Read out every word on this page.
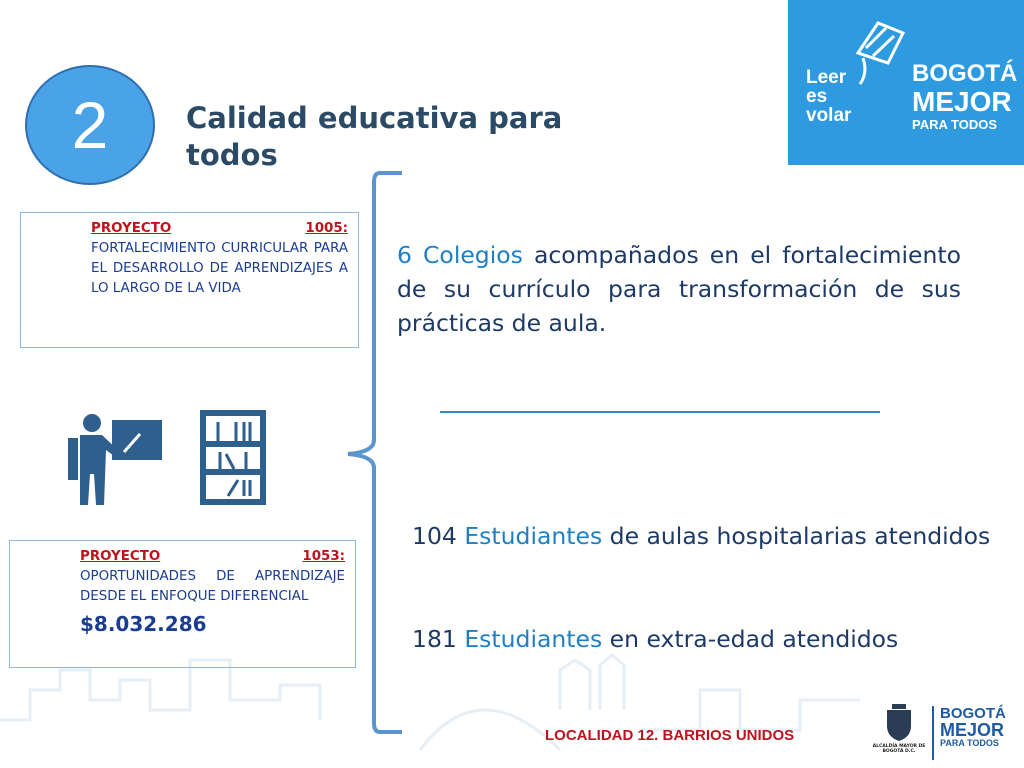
2	Calidad educativa para todos
Leer
es
volar
BOGOTÁ
MEJOR
PARA TODOS
PROYECTO	1005:
FORTALECIMIENTO CURRICULAR PARA EL DESARROLLO DE APRENDIZAJES A LO LARGO DE LA VIDA
PROYECTO	1053:
OPORTUNIDADES DE APRENDIZAJE DESDE EL ENFOQUE DIFERENCIAL
$8.032.286
6 Colegios acompañados en el fortalecimiento de su currículo para transformación de sus prácticas de aula.
104 Estudiantes de aulas hospitalarias atendidos
181 Estudiantes en extra-edad atendidos
LOCALIDAD 12. BARRIOS UNIDOS
ALCALDÍA MAYOR DE BOGOTÁ D.C.
BOGOTÁ
MEJOR
PARA TODOS
